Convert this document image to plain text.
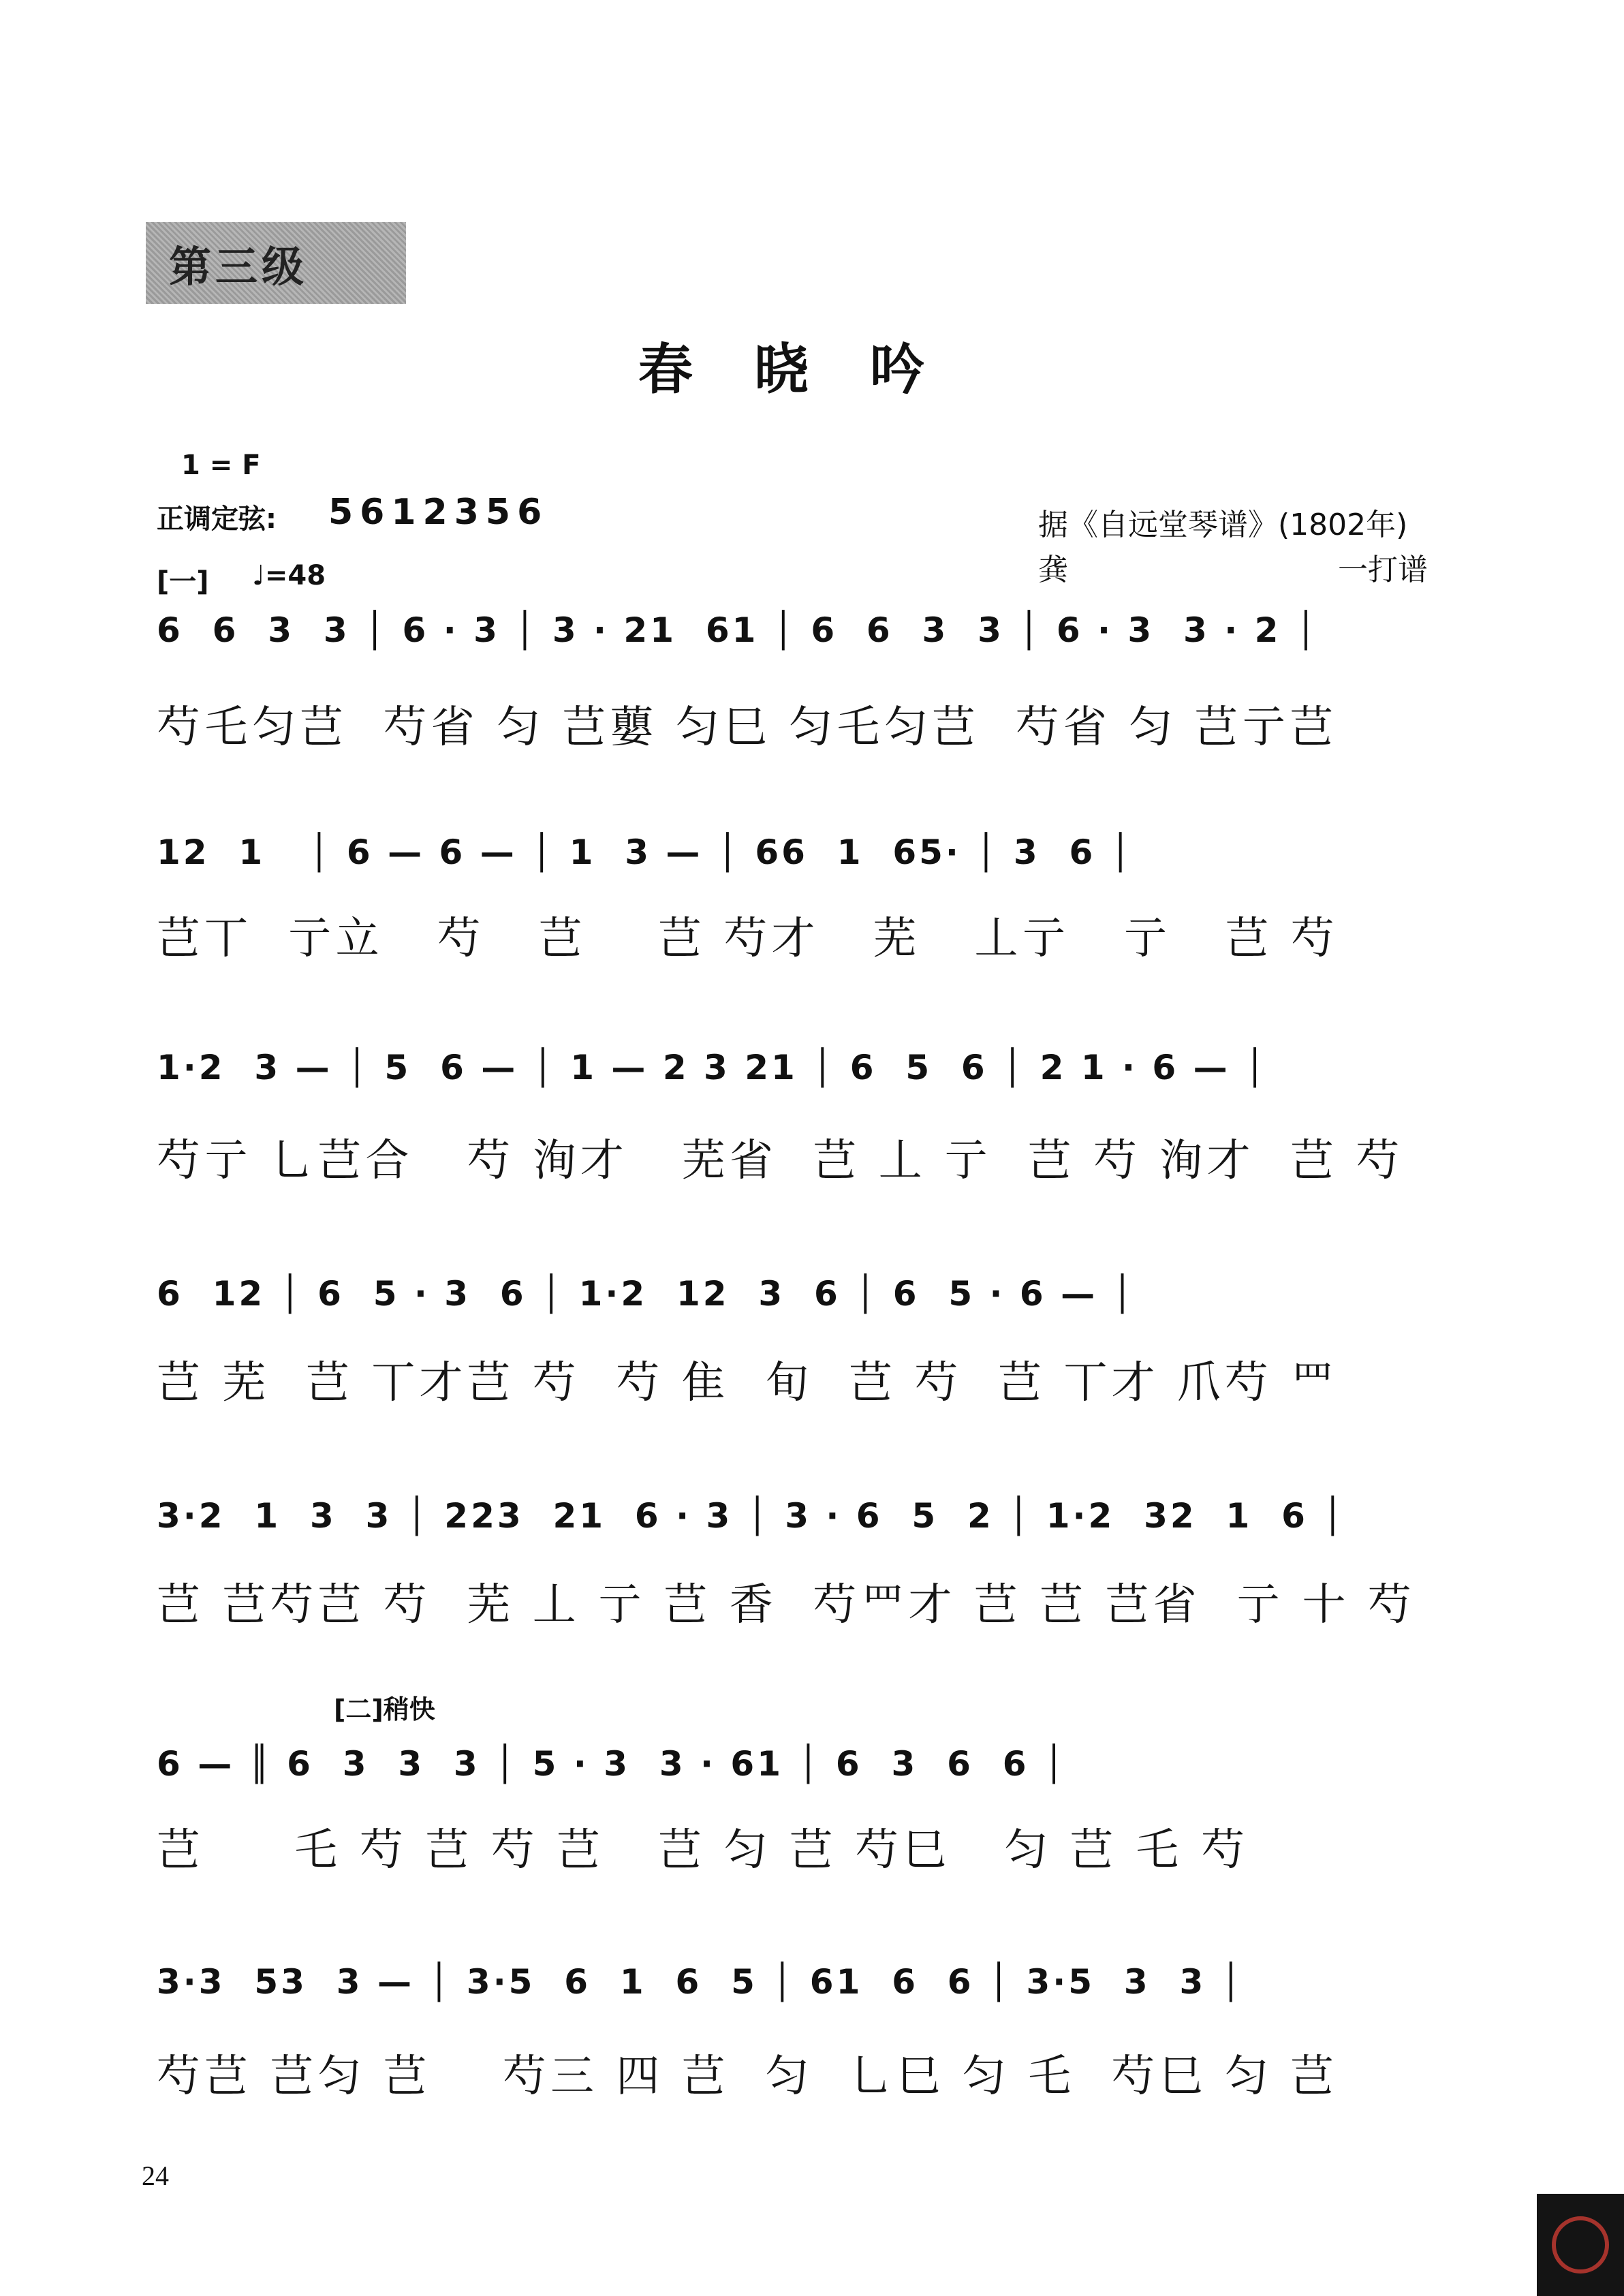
第三级
春晓吟
1 = F
正调定弦: 5612356	据《自远堂琴谱》(1802年)
龚	一打谱
[一] ♩=48
6  6  3  3 │ 6 · 3 │ 3 · 21  61 │ 6  6  3  3 │ 6 · 3  3 · 2 │
芍乇匀芑  芍省 匀 芑蘡 匀巳 匀乇匀芑  芍省 匀 芑亍芑
12  1   │ 6 — 6 — │ 1  3 — │ 66  1  65· │ 3  6 │
芑丅  亍立   芍   芑    芑 芍才   芜   丄亍   亍   芑 芍
1·2  3 — │ 5  6 — │ 1 — 2 3 21 │ 6  5  6 │ 2 1 · 6 — │
芍亍 乚芑合   芍 洵才   芜省  芑 丄 亍  芑 芍 洵才  芑 芍
6  12 │ 6  5 · 3  6 │ 1·2  12  3  6 │ 6  5 · 6 — │
芑 芜  芑 丅才芑 芍  芍 隹  旬  芑 芍  芑 丅才 爪芍 罒
3·2  1  3  3 │ 223  21  6 · 3 │ 3 · 6  5  2 │ 1·2  32  1  6 │
芑 芑芍芑 芍  芜 丄 亍 芑 香  芍罒才 芑 芑 芑省  亍 十 芍
[二]稍快
6 — ║ 6  3  3  3 │ 5 · 3  3 · 61 │ 6  3  6  6 │
芑     乇 芍 芑 芍 芑   芑 匀 芑 芍巳   匀 芑 乇 芍
3·3  53  3 — │ 3·5  6  1  6  5 │ 61  6  6 │ 3·5  3  3 │
芍芑 芑匀 芑    芍三 四 芑  匀  乚巳 匀 乇  芍巳 匀 芑
24
